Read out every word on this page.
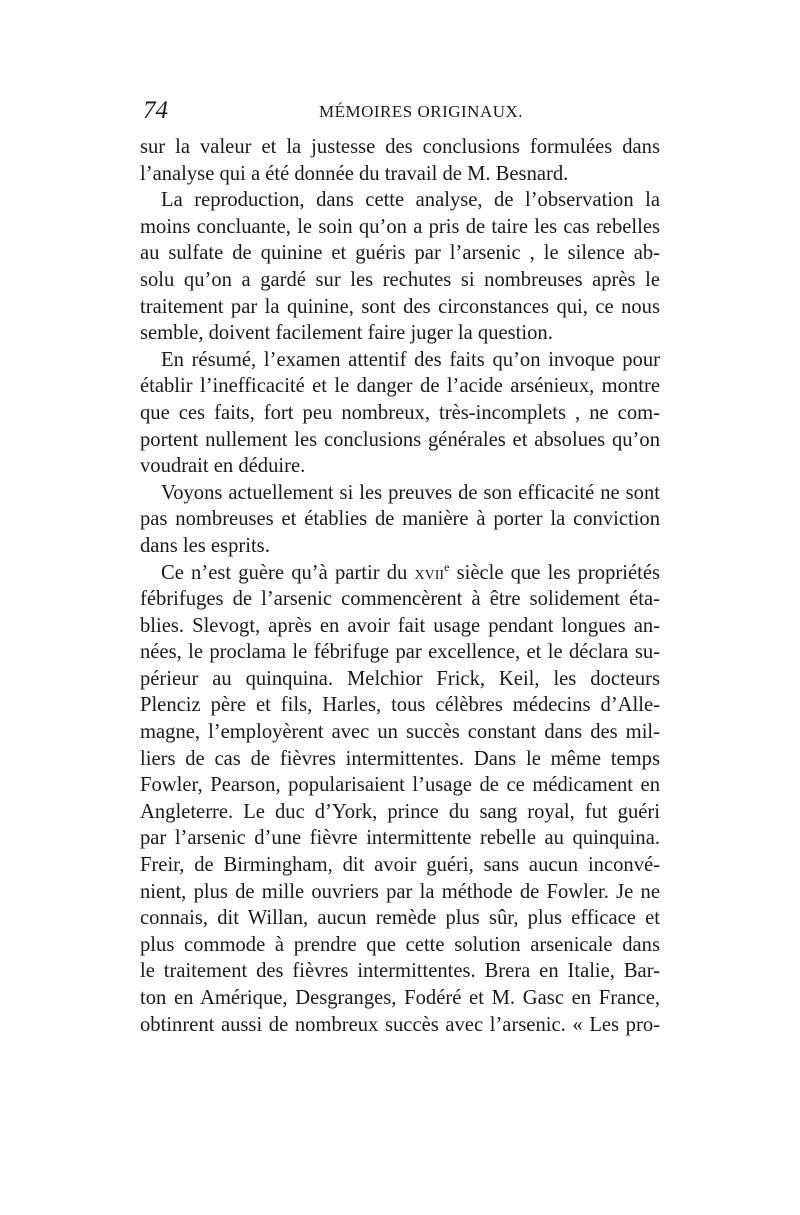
74	MÉMOIRES ORIGINAUX.
sur la valeur et la justesse des conclusions formulées dans
l’analyse qui a été donnée du travail de M. Besnard.
La reproduction, dans cette analyse, de l’observation la
moins concluante, le soin qu’on a pris de taire les cas rebelles
au sulfate de quinine et guéris par l’arsenic , le silence ab-
solu qu’on a gardé sur les rechutes si nombreuses après le
traitement par la quinine, sont des circonstances qui, ce nous
semble, doivent facilement faire juger la question.
En résumé, l’examen attentif des faits qu’on invoque pour
établir l’inefficacité et le danger de l’acide arsénieux, montre
que ces faits, fort peu nombreux, très-incomplets , ne com-
portent nullement les conclusions générales et absolues qu’on
voudrait en déduire.
Voyons actuellement si les preuves de son efficacité ne sont
pas nombreuses et établies de manière à porter la conviction
dans les esprits.
Ce n’est guère qu’à partir du xvii$^e$ siècle que les propriétés
fébrifuges de l’arsenic commencèrent à être solidement éta-
blies. Slevogt, après en avoir fait usage pendant longues an-
nées, le proclama le fébrifuge par excellence, et le déclara su-
périeur au quinquina. Melchior Frick, Keil, les docteurs
Plenciz père et fils, Harles, tous célèbres médecins d’Alle-
magne, l’employèrent avec un succès constant dans des mil-
liers de cas de fièvres intermittentes. Dans le même temps
Fowler, Pearson, popularisaient l’usage de ce médicament en
Angleterre. Le duc d’York, prince du sang royal, fut guéri
par l’arsenic d’une fièvre intermittente rebelle au quinquina.
Freir, de Birmingham, dit avoir guéri, sans aucun inconvé-
nient, plus de mille ouvriers par la méthode de Fowler. Je ne
connais, dit Willan, aucun remède plus sûr, plus efficace et
plus commode à prendre que cette solution arsenicale dans
le traitement des fièvres intermittentes. Brera en Italie, Bar-
ton en Amérique, Desgranges, Fodéré et M. Gasc en France,
obtinrent aussi de nombreux succès avec l’arsenic. « Les pro-
